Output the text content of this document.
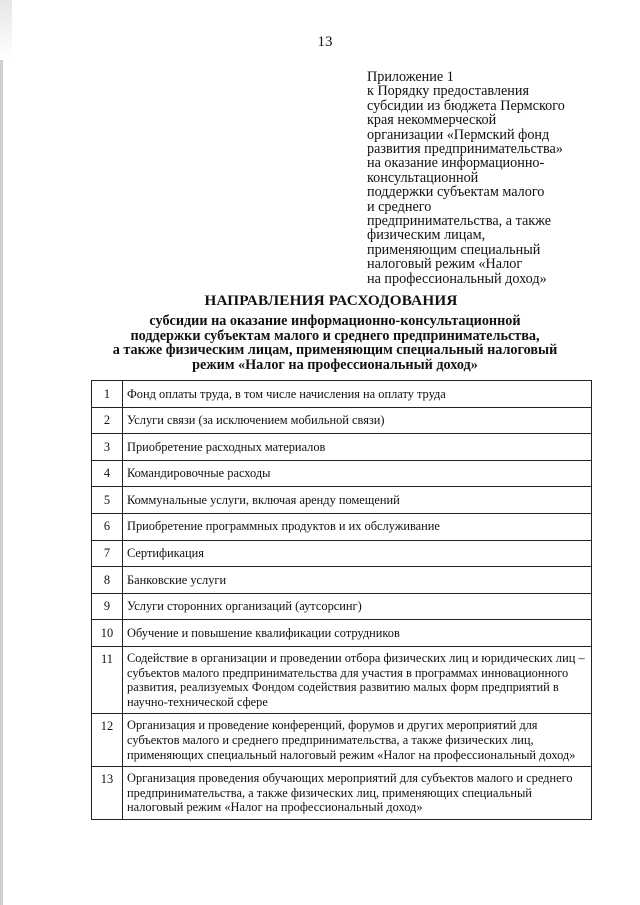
13
Приложение 1
к Порядку предоставления
субсидии из бюджета Пермского
края некоммерческой
организации «Пермский фонд
развития предпринимательства»
на оказание информационно-
консультационной
поддержки субъектам малого
и среднего
предпринимательства, а также
физическим лицам,
применяющим специальный
налоговый режим «Налог
на профессиональный доход»
НАПРАВЛЕНИЯ РАСХОДОВАНИЯ
субсидии на оказание информационно-консультационной
поддержки субъектам малого и среднего предпринимательства,
а также физическим лицам, применяющим специальный налоговый
режим «Налог на профессиональный доход»
1	Фонд оплаты труда, в том числе начисления на оплату труда
2	Услуги связи (за исключением мобильной связи)
3	Приобретение расходных материалов
4	Командировочные расходы
5	Коммунальные услуги, включая аренду помещений
6	Приобретение программных продуктов и их обслуживание
7	Сертификация
8	Банковские услуги
9	Услуги сторонних организаций (аутсорсинг)
10	Обучение и повышение квалификации сотрудников
11	Содействие в организации и проведении отбора физических лиц и юридических лиц – субъектов малого предпринимательства для участия в программах инновационного развития, реализуемых Фондом содействия развитию малых форм предприятий в научно-технической сфере
12	Организация и проведение конференций, форумов и других мероприятий для субъектов малого и среднего предпринимательства, а также физических лиц, применяющих специальный налоговый режим «Налог на профессиональный доход»
13	Организация проведения обучающих мероприятий для субъектов малого и среднего предпринимательства, а также физических лиц, применяющих специальный налоговый режим «Налог на профессиональный доход»
